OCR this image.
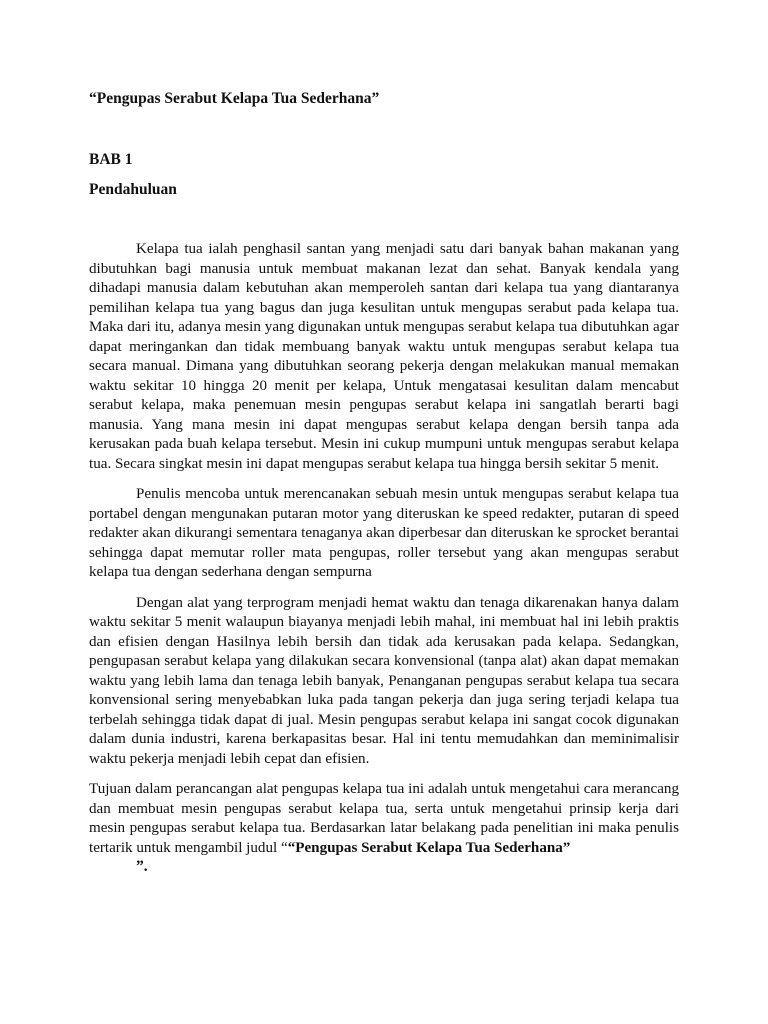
“Pengupas Serabut Kelapa Tua Sederhana”
BAB 1
Pendahuluan

Kelapa tua ialah penghasil santan yang menjadi satu dari banyak bahan makanan yang dibutuhkan bagi manusia untuk membuat makanan lezat dan sehat. Banyak kendala yang dihadapi manusia dalam kebutuhan akan memperoleh santan dari kelapa tua yang diantaranya pemilihan kelapa tua yang bagus dan juga kesulitan untuk mengupas serabut pada kelapa tua. Maka dari itu, adanya mesin yang digunakan untuk mengupas serabut kelapa tua dibutuhkan agar dapat meringankan dan tidak membuang banyak waktu untuk mengupas serabut kelapa tua secara manual. Dimana yang dibutuhkan seorang pekerja dengan melakukan manual memakan waktu sekitar 10 hingga 20 menit per kelapa, Untuk mengatasai kesulitan dalam mencabut serabut kelapa, maka penemuan mesin pengupas serabut kelapa ini sangatlah berarti bagi manusia. Yang mana mesin ini dapat mengupas serabut kelapa dengan bersih tanpa ada kerusakan pada buah kelapa tersebut. Mesin ini cukup mumpuni untuk mengupas serabut kelapa tua. Secara singkat mesin ini dapat mengupas serabut kelapa tua hingga bersih sekitar 5 menit.

Penulis mencoba untuk merencanakan sebuah mesin untuk mengupas serabut kelapa tua portabel dengan mengunakan putaran motor yang diteruskan ke speed redakter, putaran di speed redakter akan dikurangi sementara tenaganya akan diperbesar dan diteruskan ke sprocket berantai sehingga dapat memutar roller mata pengupas, roller tersebut yang akan mengupas serabut kelapa tua dengan sederhana dengan sempurna

Dengan alat yang terprogram menjadi hemat waktu dan tenaga dikarenakan hanya dalam waktu sekitar 5 menit walaupun biayanya menjadi lebih mahal, ini membuat hal ini lebih praktis dan efisien dengan Hasilnya lebih bersih dan tidak ada kerusakan pada kelapa. Sedangkan, pengupasan serabut kelapa yang dilakukan secara konvensional (tanpa alat) akan dapat memakan waktu yang lebih lama dan tenaga lebih banyak, Penanganan pengupas serabut kelapa tua secara konvensional sering menyebabkan luka pada tangan pekerja dan juga sering terjadi kelapa tua terbelah sehingga tidak dapat di jual. Mesin pengupas serabut kelapa ini sangat cocok digunakan dalam dunia industri, karena berkapasitas besar. Hal ini tentu memudahkan dan meminimalisir waktu pekerja menjadi lebih cepat dan efisien.

Tujuan dalam perancangan alat pengupas kelapa tua ini adalah untuk mengetahui cara merancang dan membuat mesin pengupas serabut kelapa tua, serta untuk mengetahui prinsip kerja dari mesin pengupas serabut kelapa tua. Berdasarkan latar belakang pada penelitian ini maka penulis tertarik untuk mengambil judul ““Pengupas Serabut Kelapa Tua Sederhana”

”.
